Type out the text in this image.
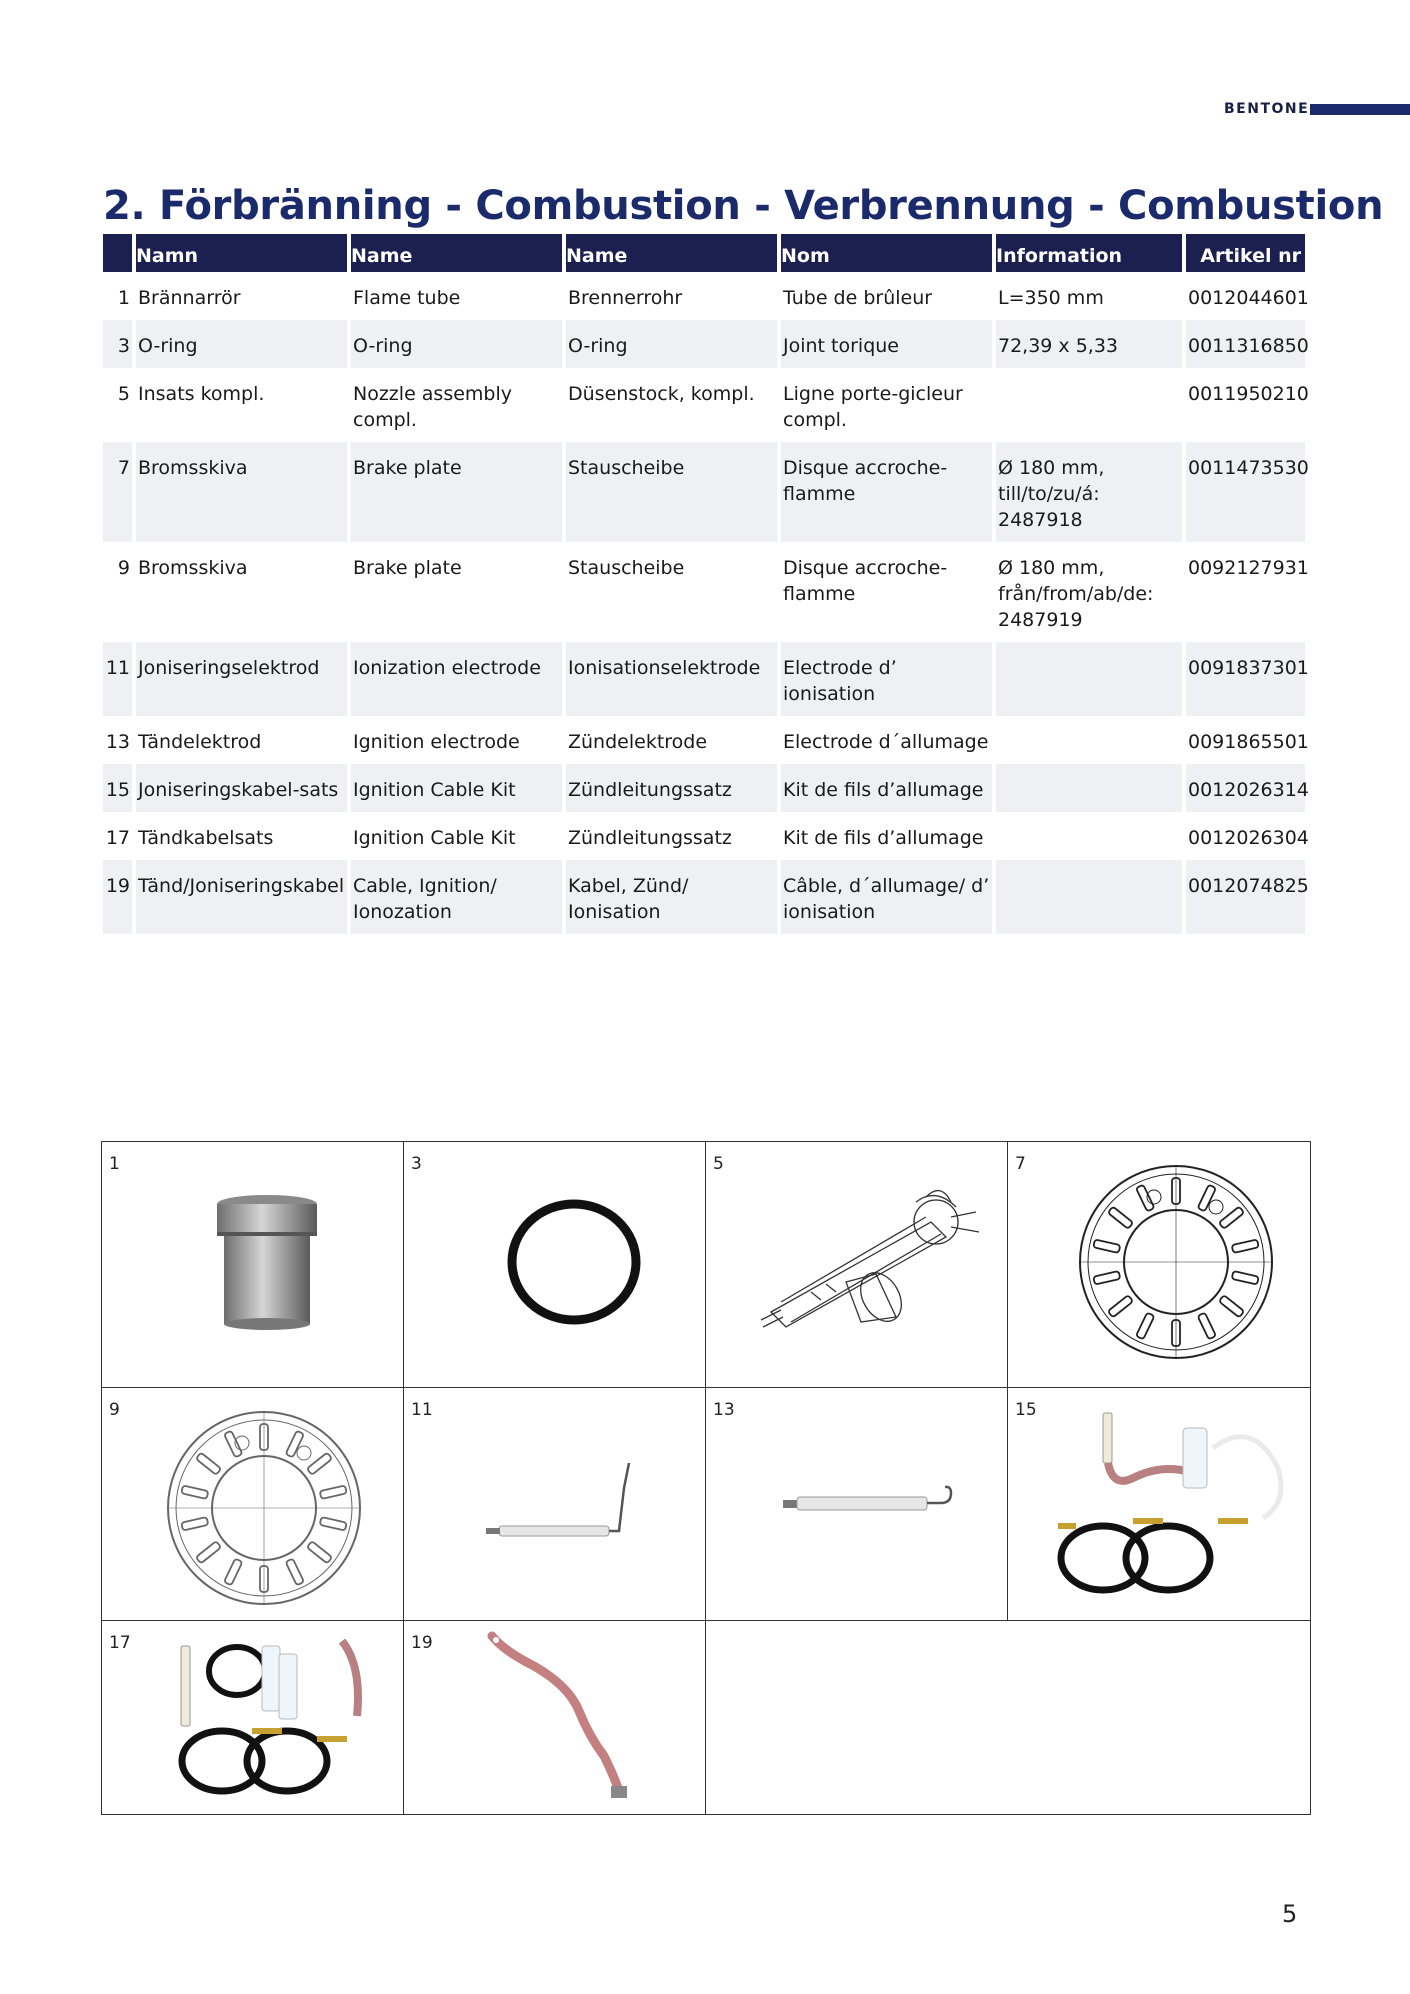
BENTONE
2. Förbränning - Combustion - Verbrennung - Combustion
	Namn	Name	Name	Nom	Information	Artikel nr
1	Brännarrör	Flame tube	Brennerrohr	Tube de brûleur	L=350 mm	0012044601
3	O-ring	O-ring	O-ring	Joint torique	72,39 x 5,33	0011316850
5	Insats kompl.	Nozzle assembly compl.	Düsenstock, kompl.	Ligne porte-gicleur compl.		0011950210
7	Bromsskiva	Brake plate	Stauscheibe	Disque accroche-flamme	Ø 180 mm, till/to/zu/á: 2487918	0011473530
9	Bromsskiva	Brake plate	Stauscheibe	Disque accroche-flamme	Ø 180 mm, från/from/ab/de: 2487919	0092127931
11	Joniseringselektrod	Ionization electrode	Ionisationselektrode	Electrode d’ ionisation		0091837301
13	Tändelektrod	Ignition electrode	Zündelektrode	Electrode d´allumage		0091865501
15	Joniseringskabel-sats	Ignition Cable Kit	Zündleitungssatz	Kit de fils d’allumage		0012026314
17	Tändkabelsats	Ignition Cable Kit	Zündleitungssatz	Kit de fils d’allumage		0012026304
19	Tänd/Joniseringskabel	Cable, Ignition/ Ionozation	Kabel, Zünd/ Ionisation	Câble, d´allumage/ d’ ionisation		0012074825
1	3	5	7
9	11	13	15
17	19
5
